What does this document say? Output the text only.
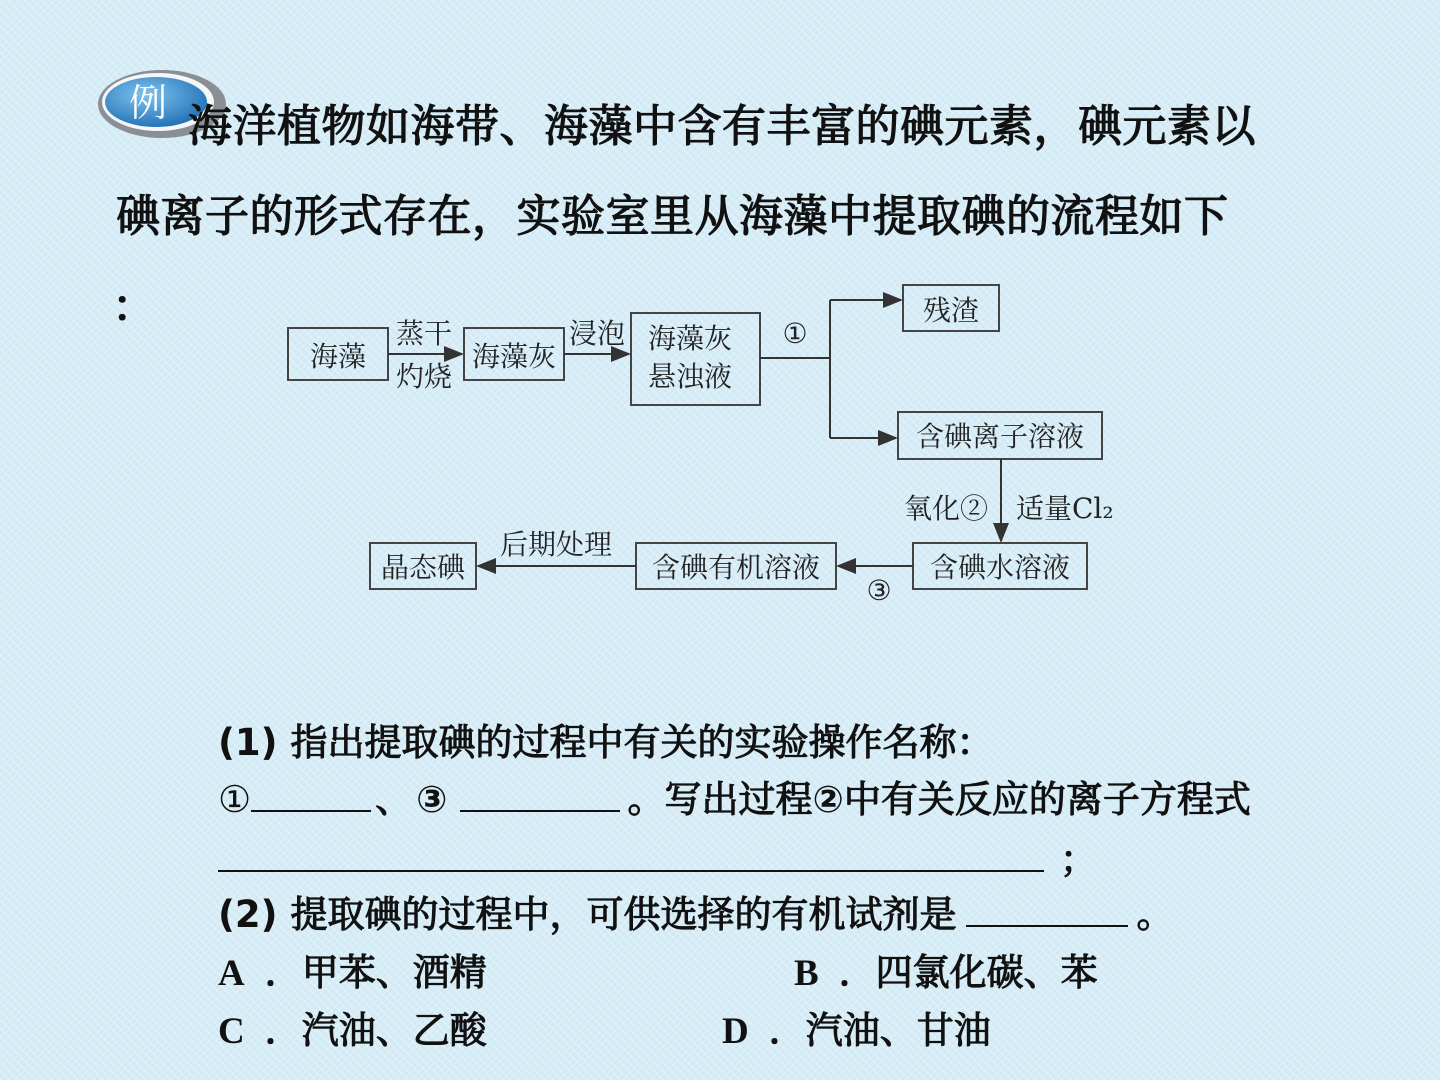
例 海洋植物如海带、海藻中含有丰富的碘元素，碘元素以
碘离子的形式存在，实验室里从海藻中提取碘的流程如下
：
海藻	海藻灰
海藻灰
悬浊液
残渣
含碘离子溶液
含碘水溶液
含碘有机溶液
晶态碘
蒸干
灼烧
浸泡	①
氧化② 适量Cl₂
③
后期处理
(1) 指出提取碘的过程中有关的实验操作名称：
①	、 ③	。写出过程②中有关反应的离子方程式
；
(2) 提取碘的过程中，可供选择的有机试剂是	。
A ．甲苯、酒精	B ．四氯化碳、苯
C ．汽油、乙酸	D ．汽油、甘油
